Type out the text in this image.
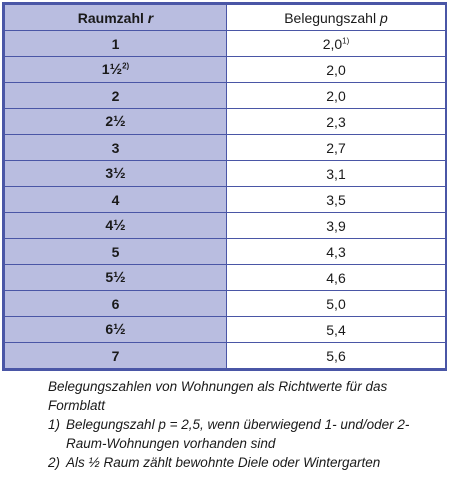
Raumzahl r	Belegungszahl p
1	2,0$^{1)}$
1½$^{2)}$	2,0
2	2,0
2½	2,3
3	2,7
3½	3,1
4	3,5
4½	3,9
5	4,3
5½	4,6
6	5,0
6½	5,4
7	5,6
Belegungszahlen von Wohnungen als Richtwerte für das
Formblatt
1) Belegungszahl p = 2,5, wenn überwiegend 1- und/oder 2-Raum-Wohnungen vorhanden sind
2) Als ½ Raum zählt bewohnte Diele oder Wintergarten
